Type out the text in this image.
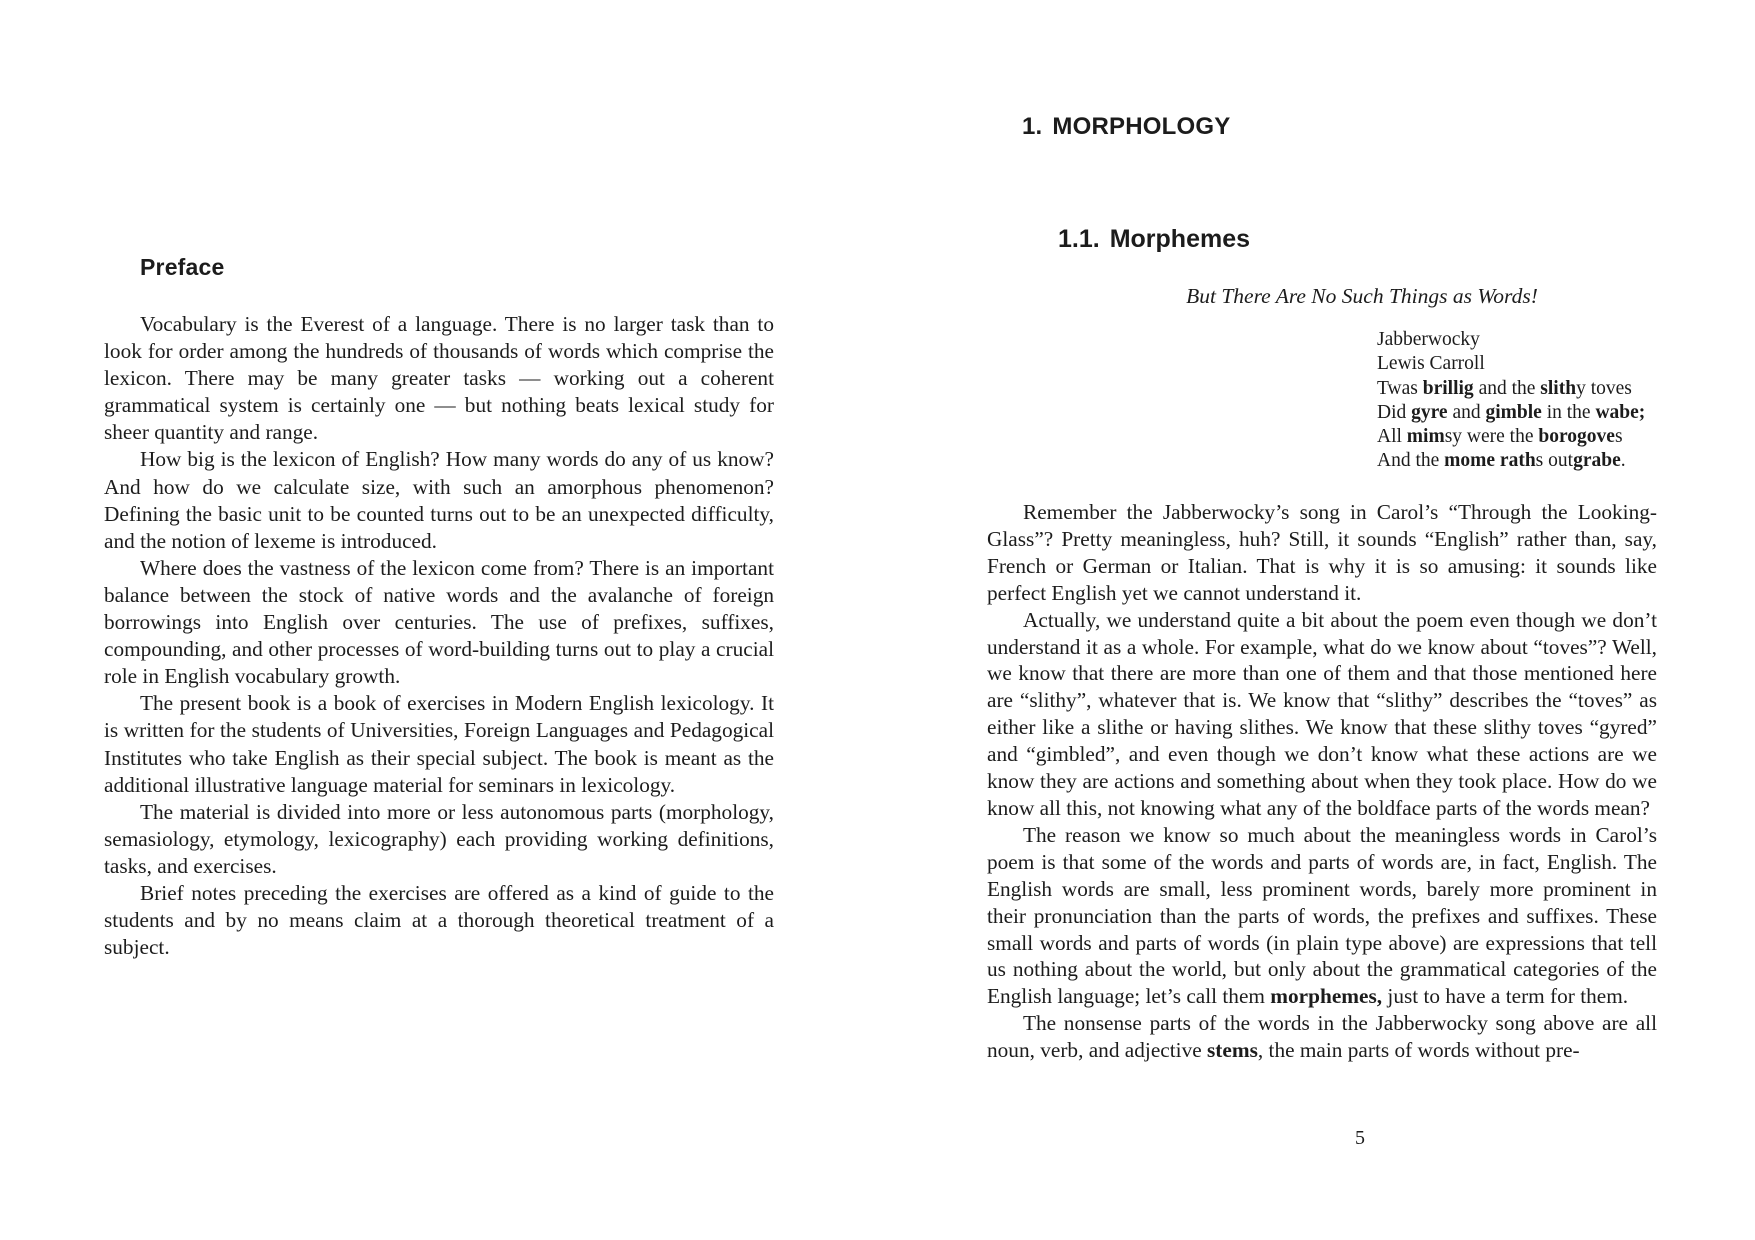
Preface

Vocabulary is the Everest of a language. There is no larger task than to look for order among the hundreds of thousands of words which comprise the lexicon. There may be many greater tasks — working out a coherent grammatical system is certainly one — but nothing beats lexical study for sheer quantity and range.

How big is the lexicon of English? How many words do any of us know? And how do we calculate size, with such an amorphous phenomenon? Defining the basic unit to be counted turns out to be an unexpected difficulty, and the notion of lexeme is introduced.

Where does the vastness of the lexicon come from? There is an important balance between the stock of native words and the avalanche of foreign borrowings into English over centuries. The use of prefixes, suffixes, compounding, and other processes of word-building turns out to play a crucial role in English vocabulary growth.

The present book is a book of exercises in Modern English lexicology. It is written for the students of Universities, Foreign Languages and Pedagogical Institutes who take English as their special subject. The book is meant as the additional illustrative language material for seminars in lexicology.

The material is divided into more or less autonomous parts (morphology, semasiology, etymology, lexicography) each providing working definitions, tasks, and exercises.

Brief notes preceding the exercises are offered as a kind of guide to the students and by no means claim at a thorough theoretical treatment of a subject.

1. MORPHOLOGY
1.1. Morphemes

But There Are No Such Things as Words!

Jabberwocky

Lewis Carroll

Twas brillig and the slithy toves

Did gyre and gimble in the wabe;

All mimsy were the borogoves

And the mome raths outgrabe.

Remember the Jabberwocky’s song in Carol’s “Through the Looking-Glass”? Pretty meaningless, huh? Still, it sounds “English” rather than, say, French or German or Italian. That is why it is so amusing: it sounds like perfect English yet we cannot understand it.

Actually, we understand quite a bit about the poem even though we don’t understand it as a whole. For example, what do we know about “toves”? Well, we know that there are more than one of them and that those mentioned here are “slithy”, whatever that is. We know that “slithy” describes the “toves” as either like a slithe or having slithes. We know that these slithy toves “gyred” and “gimbled”, and even though we don’t know what these actions are we know they are actions and something about when they took place. How do we know all this, not knowing what any of the boldface parts of the words mean?

The reason we know so much about the meaningless words in Carol’s poem is that some of the words and parts of words are, in fact, English. The English words are small, less prominent words, barely more prominent in their pronunciation than the parts of words, the prefixes and suffixes. These small words and parts of words (in plain type above) are expressions that tell us nothing about the world, but only about the grammatical categories of the English language; let’s call them morphemes, just to have a term for them.

The nonsense parts of the words in the Jabberwocky song above are all noun, verb, and adjective stems, the main parts of words without pre-

5
